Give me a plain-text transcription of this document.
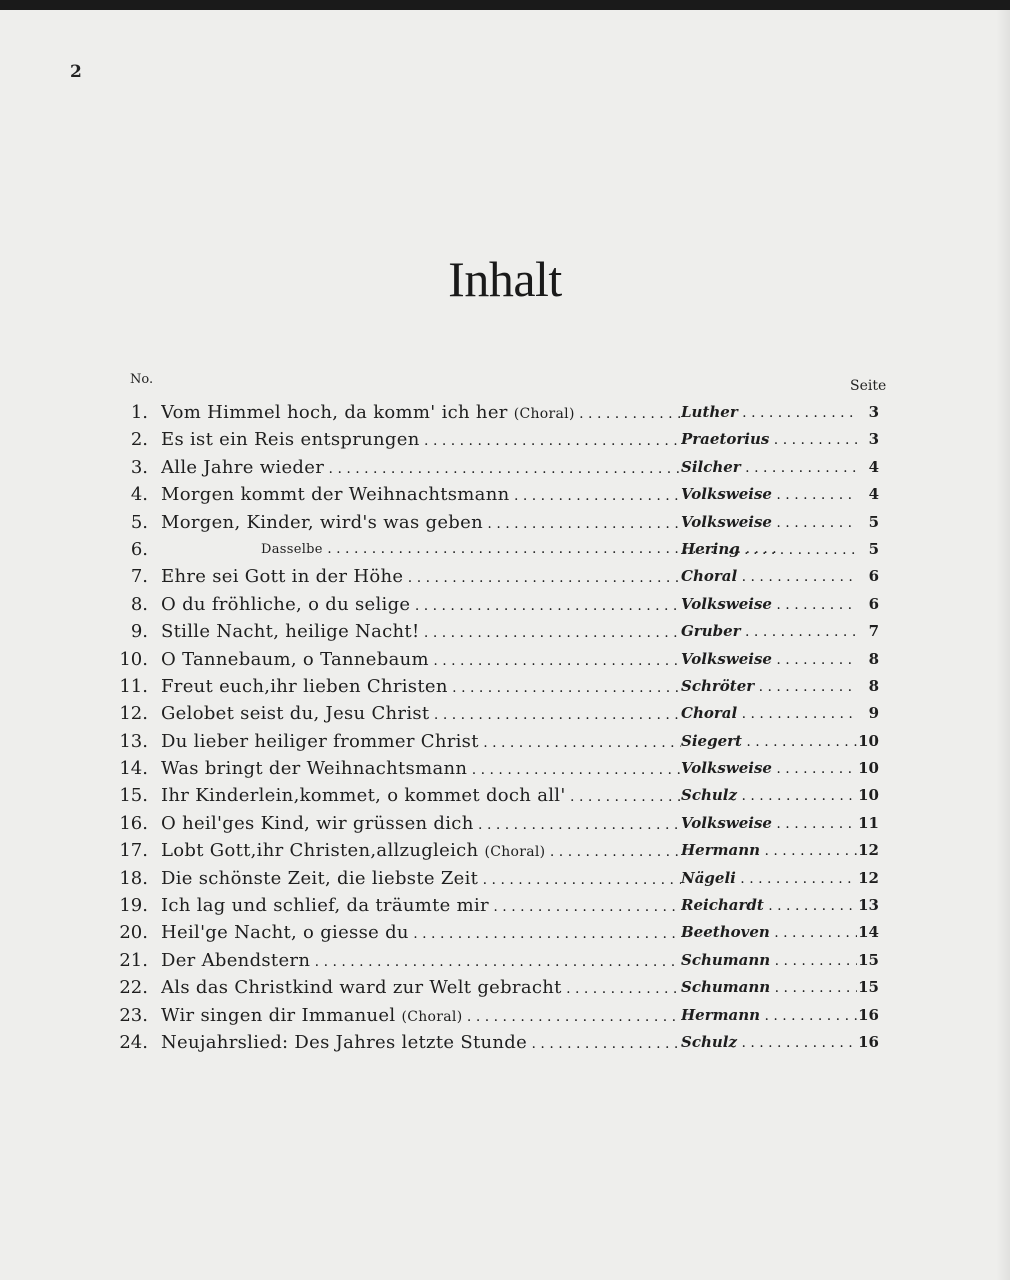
2
Inhalt
No.	Seite
1. Vom Himmel hoch, da komm' ich her (Choral) . . .	Luther . . .	3
2. Es ist ein Reis entsprungen . . .	Praetorius . . .	3
3. Alle Jahre wieder . . .	Silcher . . .	4
4. Morgen kommt der Weihnachtsmann . . .	Volksweise . . .	4
5. Morgen, Kinder, wird's was geben . . .	Volksweise . . .	5
6.	Dasselbe . . .	Hering . . .	5
7. Ehre sei Gott in der Höhe . . .	Choral . . .	6
8. O du fröhliche, o du selige . . .	Volksweise . . .	6
9. Stille Nacht, heilige Nacht! . . .	Gruber . . .	7
10. O Tannebaum, o Tannebaum . . .	Volksweise . . .	8
11. Freut euch,ihr lieben Christen . . .	Schröter . . .	8
12. Gelobet seist du, Jesu Christ . . .	Choral . . .	9
13. Du lieber heiliger frommer Christ . . .	Siegert . . .	10
14. Was bringt der Weihnachtsmann . . .	Volksweise . . .	10
15. Ihr Kinderlein,kommet, o kommet doch all' . . .	Schulz . . .	10
16. O heil'ges Kind, wir grüssen dich . . .	Volksweise . . .	11
17. Lobt Gott,ihr Christen,allzugleich (Choral) . . .	Hermann . . .	12
18. Die schönste Zeit, die liebste Zeit . . .	Nägeli . . .	12
19. Ich lag und schlief, da träumte mir . . .	Reichardt . . .	13
20. Heil'ge Nacht, o giesse du . . .	Beethoven . . .	14
21. Der Abendstern . . .	Schumann . . .	15
22. Als das Christkind ward zur Welt gebracht . . .	Schumann . . .	15
23. Wir singen dir Immanuel (Choral) . . .	Hermann . . .	16
24. Neujahrslied: Des Jahres letzte Stunde . . .	Schulz . . .	16
